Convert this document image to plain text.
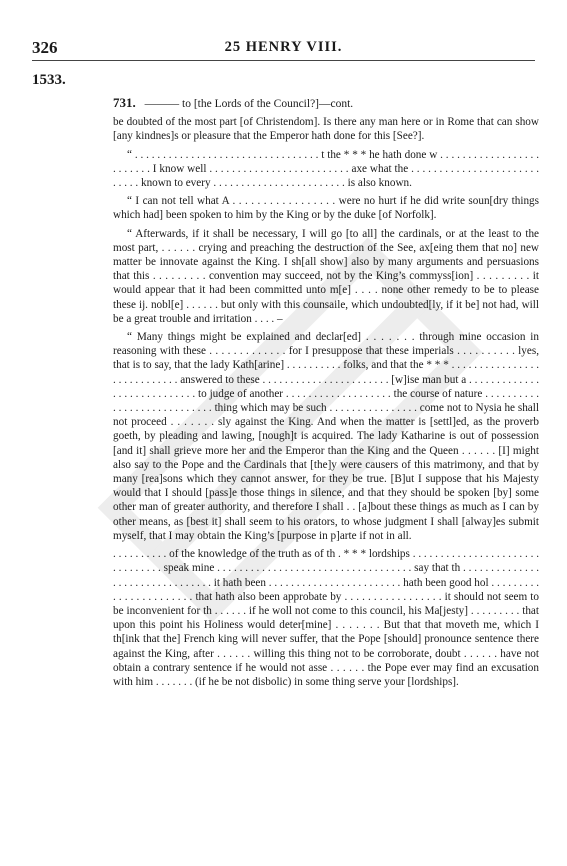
326	25 HENRY VIII.
1533.

731. ——— to [the Lords of the Council?]—cont.

be doubted of the most part [of Christendom]. Is there any man here or in Rome that can show [any kindnes]s or pleasure that the Emperor hath done for this [See?].

“ . . . . . . . . . . . . . . . . . . . . . . . . . . . . . . . . . t the * * * he hath done w . . . . . . . . . . . . . . . . . . . . . . . . . I know well . . . . . . . . . . . . . . . . . . . . . . . . . axe what the . . . . . . . . . . . . . . . . . . . . . . . . . . . . known to every . . . . . . . . . . . . . . . . . . . . . . . . is also known.

“ I can not tell what A . . . . . . . . . . . . . . . . . were no hurt if he did write soun[dry things which had] been spoken to him by the King or by the duke [of Norfolk].

“ Afterwards, if it shall be necessary, I will go [to all] the cardinals, or at the least to the most part, . . . . . . crying and preaching the destruction of the See, ax[eing them that no] new matter be innovate against the King. I sh[all show] also by many arguments and persuasions that this . . . . . . . . . convention may succeed, not by the King’s commyss[ion] . . . . . . . . . it would appear that it had been committed unto m[e] . . . . none other remedy to be to please these ij. nobl[e] . . . . . . but only with this counsaile, which undoubted[ly, if it be] not had, will be a great trouble and irritation . . . . –

“ Many things might be explained and declar[ed] . . . . . . . through mine occasion in reasoning with these . . . . . . . . . . . . . for I presuppose that these imperials . . . . . . . . . . lyes, that is to say, that the lady Kath[arine] . . . . . . . . . . folks, and that the * * * . . . . . . . . . . . . . . . . . . . . . . . . . . . . answered to these . . . . . . . . . . . . . . . . . . . . . . . [w]ise man but a . . . . . . . . . . . . . . . . . . . . . . . . . . . . to judge of another . . . . . . . . . . . . . . . . . . . the course of nature . . . . . . . . . . . . . . . . . . . . . . . . . . . . thing which may be such . . . . . . . . . . . . . . . . come not to Nysia he shall not proceed . . . . . . . sly against the King. And when the matter is [settl]ed, as the proverb goeth, by pleading and lawing, [nough]t is acquired. The lady Katharine is out of possession [and it] shall grieve more her and the Emperor than the King and the Queen . . . . . . [I] might also say to the Pope and the Cardinals that [the]y were causers of this matrimony, and that by many [rea]sons which they cannot answer, for they be true. [B]ut I suppose that his Majesty would that I should [pass]e those things in silence, and that they should be spoken [by] some other man of greater authority, and therefore I shall . . [a]bout these things as much as I can by other means, as [best it] shall seem to his orators, to whose judgment I shall [alway]es submit myself, that I may obtain the King’s [purpose in p]arte if not in all.

. . . . . . . . . . of the knowledge of the truth as of th . * * * lordships . . . . . . . . . . . . . . . . . . . . . . . . . . . . . . . . speak mine . . . . . . . . . . . . . . . . . . . . . . . . . . . . . . . . . . . say that th . . . . . . . . . . . . . . . . . . . . . . . . . . . . . . . . it hath been . . . . . . . . . . . . . . . . . . . . . . . . hath been good hol . . . . . . . . . . . . . . . . . . . . . . . that hath also been approbate by . . . . . . . . . . . . . . . . . it should not seem to be inconvenient for th . . . . . . if he woll not come to this council, his Ma[jesty] . . . . . . . . . that upon this point his Holiness would deter[mine] . . . . . . . But that that moveth me, which I th[ink that the] French king will never suffer, that the Pope [should] pronounce sentence there against the King, after . . . . . . willing this thing not to be corroborate, doubt . . . . . . have not obtain a contrary sentence if he would not asse . . . . . . the Pope ever may find an excusation with him . . . . . . . (if he be not disbolic) in some thing serve your [lordships].
